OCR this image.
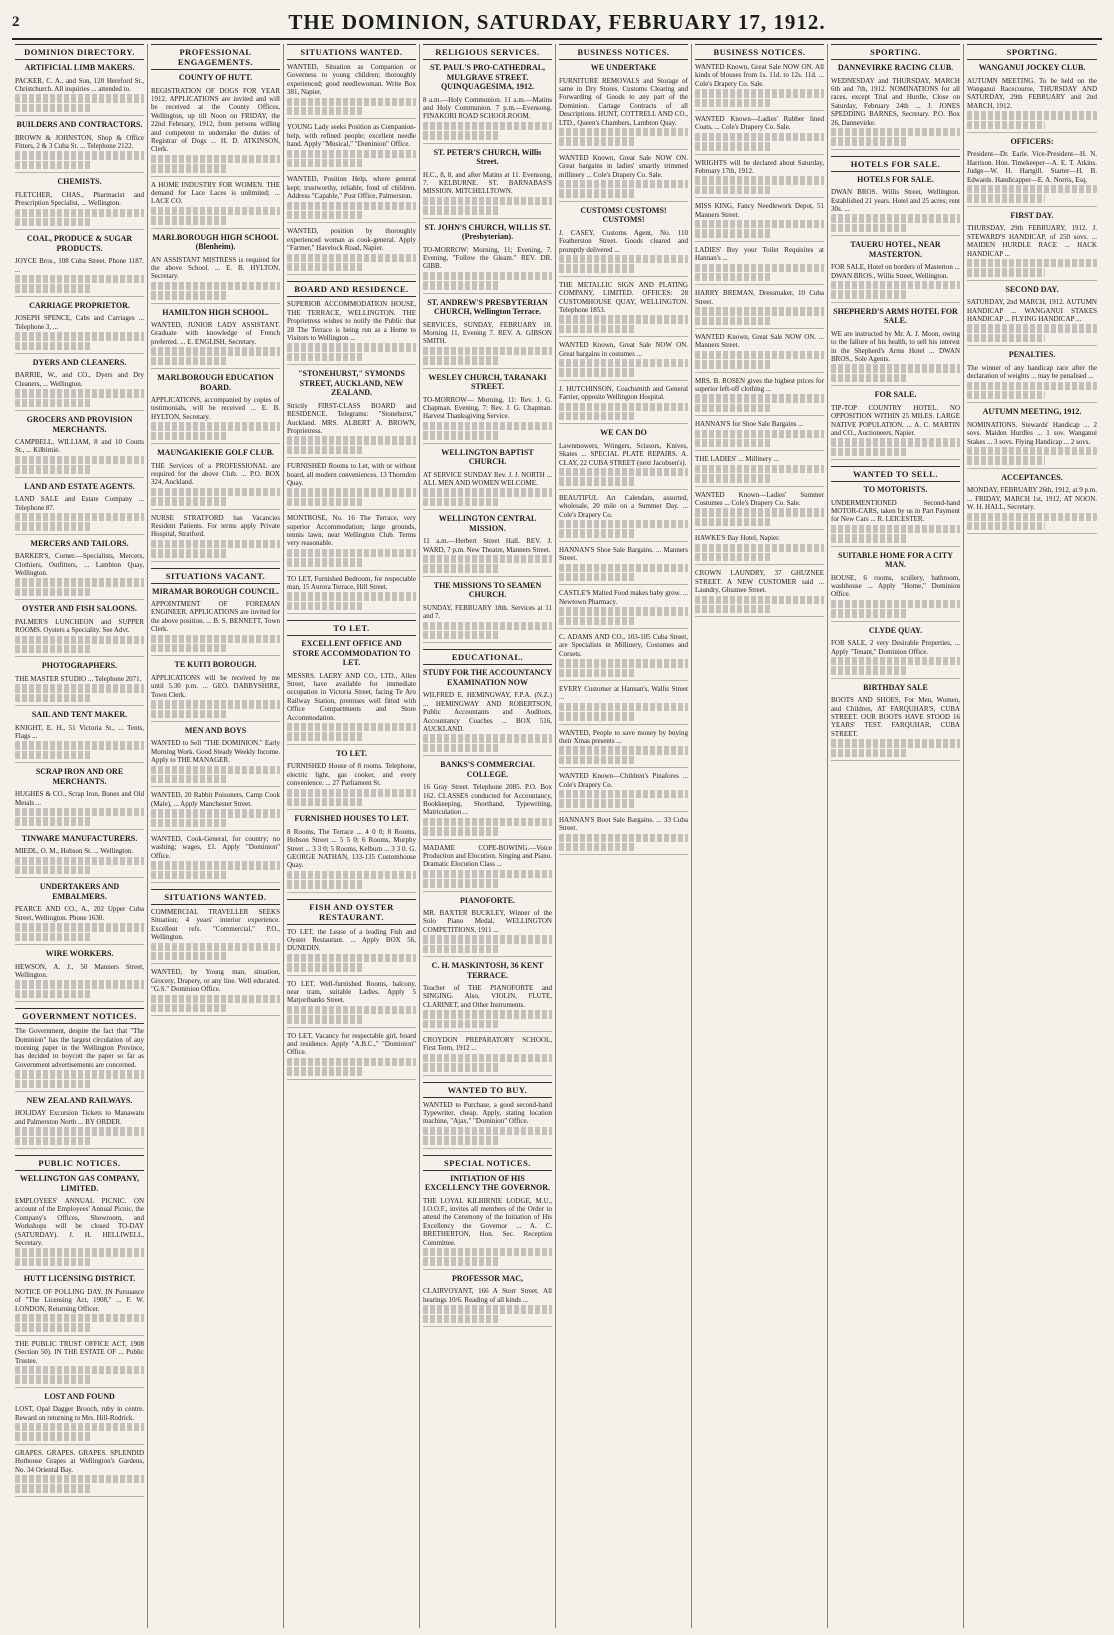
2	THE DOMINION, SATURDAY, FEBRUARY 17, 1912.
DOMINION DIRECTORY.
ARTIFICIAL LIMB MAKERS.
PACKER, C. A., and Son, 120 Hereford St., Christchurch. All inquiries ... attended to.
BUILDERS AND CONTRACTORS.
BROWN & JOHNSTON, Shop & Office Fitters, 2 & 3 Cuba St. ... Telephone 2122.
CHEMISTS.
FLETCHER, CHAS., Pharmacist and Prescription Specialist, ... Wellington.
COAL, PRODUCE & SUGAR PRODUCTS.
JOYCE Bros., 108 Cuba Street. Phone 1187. ...
CARRIAGE PROPRIETOR.
JOSEPH SPENCE, Cabs and Carriages ... Telephone 3, ...
DYERS AND CLEANERS.
BARRIE, W., and CO., Dyers and Dry Cleaners, ... Wellington.
GROCERS AND PROVISION MERCHANTS.
CAMPBELL, WILLIAM, 8 and 10 Coutts St., ... Kilbirnie.
LAND AND ESTATE AGENTS.
LAND SALE and Estate Company ... Telephone 87.
MERCERS AND TAILORS.
BARKER'S, Corner.—Specialists, Mercers, Clothiers, Outfitters, ... Lambton Quay, Wellington.
OYSTER AND FISH SALOONS.
PALMER'S LUNCHEON and SUPPER ROOMS. Oysters a Speciality. See Advt.
PHOTOGRAPHERS.
THE MASTER STUDIO ... Telephone 2071.
SAIL AND TENT MAKER.
KNIGHT, E. H., 51 Victoria St., ... Tents, Flags ...
SCRAP IRON AND ORE MERCHANTS.
HUGHES & CO., Scrap Iron, Bones and Old Metals ...
TINWARE MANUFACTURERS.
MIEDL, O. M., Hobson St. ... Wellington.
UNDERTAKERS AND EMBALMERS.
PEARCE AND CO., A., 202 Upper Cuba Street, Wellington. Phone 1630.
WIRE WORKERS.
HEWSON, A. J., 50 Manners Street, Wellington.
GOVERNMENT NOTICES.
The Government, despite the fact that "The Dominion" has the largest circulation of any morning paper in the Wellington Province, has decided to boycott the paper so far as Government advertisements are concerned.
NEW ZEALAND RAILWAYS.
HOLIDAY Excursion Tickets to Manawatu and Palmerston North ... BY ORDER.
PUBLIC NOTICES.
WELLINGTON GAS COMPANY, LIMITED.
EMPLOYEES' ANNUAL PICNIC. ON account of the Employees' Annual Picnic, the Company's Offices, Showroom, and Workshops will be closed TO-DAY (SATURDAY). J. H. HELLIWELL, Secretary.
HUTT LICENSING DISTRICT.
NOTICE OF POLLING DAY. IN Pursuance of "The Licensing Act, 1908," ... F. W. LONDON, Returning Officer.
THE PUBLIC TRUST OFFICE ACT, 1908 (Section 50). IN THE ESTATE OF ... Public Trustee.
LOST AND FOUND
LOST, Opal Dagger Brooch, ruby in centre. Reward on returning to Mrs. Hill-Rodrick.
GRAPES. GRAPES. GRAPES. SPLENDID Hothouse Grapes at Wellington's Gardens, No. 34 Oriental Bay.
PROFESSIONAL ENGAGEMENTS.
COUNTY OF HUTT.
REGISTRATION OF DOGS FOR YEAR 1912. APPLICATIONS are invited and will be received at the County Offices, Wellington, up till Noon on FRIDAY, the 22nd February, 1912, from persons willing and competent to undertake the duties of Registrar of Dogs ... H. D. ATKINSON, Clerk.
A HOME INDUSTRY FOR WOMEN. THE demand for Lace Laces is unlimited; ... LACE CO.
MARLBOROUGH HIGH SCHOOL (Blenheim).
AN ASSISTANT MISTRESS is required for the above School. ... E. B. HYLTON, Secretary.
HAMILTON HIGH SCHOOL.
WANTED, JUNIOR LADY ASSISTANT. Graduate with knowledge of French preferred. ... E. ENGLISH, Secretary.
MARLBOROUGH EDUCATION BOARD.
APPLICATIONS, accompanied by copies of testimonials, will be received ... E. B. HYLTON, Secretary.
MAUNGAKIEKIE GOLF CLUB.
THE Services of a PROFESSIONAL are required for the above Club. ... P.O. BOX 324, Auckland.
NURSE STRATFORD has Vacancies Resident Patients. For terms apply Private Hospital, Stratford.
SITUATIONS VACANT.
MIRAMAR BOROUGH COUNCIL.
APPOINTMENT OF FOREMAN ENGINEER. APPLICATIONS are invited for the above position. ... B. S. BENNETT, Town Clerk.
TE KUITI BOROUGH.
APPLICATIONS will be received by me until 5.30 p.m. ... GEO. DABBYSHIRE, Town Clerk.
MEN AND BOYS
WANTED to Sell "THE DOMINION." Early Morning Work. Good Steady Weekly Income. Apply to THE MANAGER.
WANTED, 20 Rabbit Poisoners, Camp Cook (Male), ... Apply Manchester Street.
WANTED, Cook-General, for country; no washing; wages, £1. Apply "Dominion" Office.
SITUATIONS WANTED.
COMMERCIAL TRAVELLER SEEKS Situation; 4 years' interior experience. Excellent refs. "Commercial," P.O., Wellington.
WANTED, by Young man, situation, Grocery, Drapery, or any line. Well educated. "G.S." Dominion Office.
SITUATIONS WANTED.
WANTED, Situation as Companion or Governess to young children; thoroughly experienced; good needlewoman. Write Box 381, Napier.
YOUNG Lady seeks Position as Companion-help, with refined people; excellent needle hand. Apply "Musical," "Dominion" Office.
WANTED, Position Help, where general kept; trustworthy, reliable, fond of children. Address "Capable," Post Office, Palmerston.
WANTED, position by thoroughly experienced woman as cook-general. Apply "Farmer," Havelock Road, Napier.
BOARD AND RESIDENCE.
SUPERIOR ACCOMMODATION HOUSE, THE TERRACE, WELLINGTON. THE Proprietress wishes to notify the Public that 28 The Terrace is being run as a Home to Visitors to Wellington ...
"STONEHURST," SYMONDS STREET, AUCKLAND, NEW ZEALAND.
Strictly FIRST-CLASS BOARD and RESIDENCE. Telegrams: "Stonehurst," Auckland. MRS. ALBERT A. BROWN, Proprietress.
FURNISHED Rooms to Let, with or without board, all modern conveniences. 13 Thorndon Quay.
MONTROSE, No. 16 The Terrace, very superior Accommodation; large grounds, tennis lawn, near Wellington Club. Terms very reasonable.
TO LET, Furnished Bedroom, for respectable man, 15 Aurora Terrace, Hill Street.
TO LET.
EXCELLENT OFFICE AND STORE ACCOMMODATION TO LET.
MESSRS. LAERY AND CO., LTD., Allen Street, have available for immediate occupation in Victoria Street, facing Te Aro Railway Station, premises well fitted with Office Compartments and Store Accommodation.
TO LET.
FURNISHED House of 8 rooms. Telephone, electric light, gas cooker, and every convenience. ... 27 Parliament St.
FURNISHED HOUSES TO LET.
8 Rooms, The Terrace ... 4 0 0; 8 Rooms, Hobson Street ... 5 5 0; 6 Rooms, Murphy Street ... 3 3 0; 5 Rooms, Kelburn ... 3 3 0. G. GEORGE NATHAN, 133-135 Customhouse Quay.
FISH AND OYSTER RESTAURANT.
TO LET, the Lease of a leading Fish and Oyster Restaurant. ... Apply BOX 56, DUNEDIN.
TO LET, Well-furnished Rooms, balcony, near tram, suitable Ladies. Apply 5 Marjoribanks Street.
TO LET, Vacancy for respectable girl, board and residence. Apply "A.B.C.," "Dominion" Office.
RELIGIOUS SERVICES.
ST. PAUL'S PRO-CATHEDRAL, MULGRAVE STREET. QUINQUAGESIMA, 1912.
8 a.m.—Holy Communion. 11 a.m.—Matins and Holy Communion. 7 p.m.—Evensong. FINAKORI ROAD SCHOOLROOM.
ST. PETER'S CHURCH, Willis Street.
H.C., 8, 8, and after Matins at 11. Evensong, 7. KELBURNE. ST. BARNABAS'S MISSION. MITCHELLTOWN.
ST. JOHN'S CHURCH, WILLIS ST. (Presbyterian).
TO-MORROW: Morning, 11; Evening, 7. Evening, "Follow the Gleam." REV. DR. GIBB.
ST. ANDREW'S PRESBYTERIAN CHURCH, Wellington Terrace.
SERVICES, SUNDAY, FEBRUARY 18. Morning 11, Evening 7. REV. A. GIBSON SMITH.
WESLEY CHURCH, TARANAKI STREET.
TO-MORROW— Morning, 11: Rev. J. G. Chapman. Evening, 7: Rev. J. G. Chapman. Harvest Thanksgiving Service.
WELLINGTON BAPTIST CHURCH.
AT SERVICE SUNDAY Rev. J. J. NORTH ... ALL MEN AND WOMEN WELCOME.
WELLINGTON CENTRAL MISSION.
11 a.m.—Herbert Street Hall. REV. J. WARD, 7 p.m. New Theatre, Manners Street.
THE MISSIONS TO SEAMEN CHURCH.
SUNDAY, FEBRUARY 18th. Services at 11 and 7.
EDUCATIONAL.
STUDY FOR THE ACCOUNTANCY EXAMINATION NOW
WILFRED E. HEMINGWAY, F.P.A. (N.Z.) ... HEMINGWAY AND ROBERTSON, Public Accountants and Auditors, Accountancy Coaches ... BOX 516, AUCKLAND.
BANKS'S COMMERCIAL COLLEGE.
16 Gray Street. Telephone 2085. P.O. Box 162. CLASSES conducted for Accountancy, Bookkeeping, Shorthand, Typewriting, Matriculation ...
MADAME COPE-BOWING.—Voice Production and Elocution. Singing and Piano. Dramatic Elocution Class ...
PIANOFORTE.
MR. BAXTER BUCKLEY, Winner of the Solo Piano Medal, WELLINGTON COMPETITIONS, 1911 ...
C. H. MASKINTOSH, 36 KENT TERRACE.
Teacher of THE PIANOFORTE and SINGING. Also, VIOLIN, FLUTE, CLARINET, and Other Instruments.
CROYDON PREPARATORY SCHOOL, First Term, 1912 ...
WANTED TO BUY.
WANTED to Purchase, a good second-hand Typewriter, cheap. Apply, stating location machine, "Ajax," "Dominion" Office.
SPECIAL NOTICES.
INITIATION OF HIS EXCELLENCY THE GOVERNOR.
THE LOYAL KILBIRNIE LODGE, M.U., I.O.O.F., invites all members of the Order to attend the Ceremony of the Initiation of His Excellency the Governor ... A. C. BRETHERTON, Hon. Sec. Reception Committee.
PROFESSOR MAC,
CLAIRVOYANT, 166 A Storr Street. All hearings 10/6. Reading of all kinds ...
BUSINESS NOTICES.
WE UNDERTAKE
FURNITURE REMOVALS and Storage of same in Dry Stores. Customs Clearing and Forwarding of Goods to any part of the Dominion. Cartage Contracts of all Descriptions. HUNT, COTTRELL AND CO., LTD., Queen's Chambers, Lambton Quay.
WANTED Known, Great Sale NOW ON. Great bargains in ladies' smartly trimmed millinery ... Cole's Drapery Co. Sale.
CUSTOMS! CUSTOMS! CUSTOMS!
J. CASEY, Customs Agent, No. 110 Featherston Street. Goods cleared and promptly delivered ...
THE METALLIC SIGN AND PLATING COMPANY, LIMITED. OFFICES: 28 CUSTOMHOUSE QUAY, WELLINGTON. Telephone 1853.
WANTED Known, Great Sale NOW ON. Great bargains in costumes ...
J. HUTCHINSON, Coachsmith and General Farrier, opposite Wellington Hospital.
WE CAN DO
Lawnmowers, Wringers, Scissors, Knives, Skates ... SPECIAL PLATE REPAIRS. A. CLAY, 22 CUBA STREET (next Jacobsen's).
BEAUTIFUL Art Calendars, assorted, wholesale, 20 mile on a Summer Day. ... Cole's Drapery Co.
HANNAN'S Shoe Sale Bargains. ... Manners Street.
CASTLE'S Malted Food makes baby grow. ... Newtown Pharmacy.
C. ADAMS AND CO., 103-105 Cuba Street, are Specialists in Millinery, Costumes and Corsets.
EVERY Customer at Hannan's, Wallis Street ...
WANTED, People to save money by buying their Xmas presents ...
WANTED Known—Children's Pinafores ... Cole's Drapery Co.
HANNAN'S Boot Sale Bargains. ... 33 Cuba Street.
BUSINESS NOTICES.
WANTED Known, Great Sale NOW ON. All kinds of blouses from 1s. 11d. to 12s. 11d. ... Cole's Drapery Co. Sale.
WANTED Known—Ladies' Rubber lined Coats, ... Cole's Drapery Co. Sale.
WRIGHTS will be declared about Saturday, February 17th, 1912.
MISS KING, Fancy Needlework Depot, 51 Manners Street.
LADIES' Buy your Toilet Requisites at Hannan's ...
HARRY BREMAN, Dressmaker, 10 Cuba Street.
WANTED Known, Great Sale NOW ON. ... Manners Street.
MRS. B. ROSEN gives the highest prices for superior left-off clothing ...
HANNAN'S for Shoe Sale Bargains ...
THE LADIES' ... Millinery ...
WANTED Known—Ladies' Summer Costumes ... Cole's Drapery Co. Sale.
HAWKE'S Bay Hotel, Napier.
CROWN LAUNDRY, 37 GHUZNEE STREET. A NEW CUSTOMER said ... Laundry, Ghuznee Street.
SPORTING.
DANNEVIRKE RACING CLUB.
WEDNESDAY and THURSDAY, MARCH 6th and 7th, 1912. NOMINATIONS for all races, except Trial and Hurdle, Close on Saturday, February 24th ... J. JONES SPEDDING BARNES, Secretary. P.O. Box 26, Dannevirke.
HOTELS FOR SALE.
HOTELS FOR SALE.
DWAN BROS. Willis Street, Wellington. Established 21 years. Hotel and 25 acres; rent 30s. ...
TAUERU HOTEL, NEAR MASTERTON.
FOR SALE, Hotel on borders of Masterton ... DWAN BROS., Willis Street, Wellington.
SHEPHERD'S ARMS HOTEL FOR SALE.
WE are instructed by Mr. A. J. Moon, owing to the failure of his health, to sell his interest in the Shepherd's Arms Hotel ... DWAN BROS., Sole Agents.
FOR SALE.
TIP-TOP COUNTRY HOTEL. NO OPPOSITION WITHIN 25 MILES. LARGE NATIVE POPULATION. ... A. C. MARTIN and CO., Auctioneers, Napier.
WANTED TO SELL.
TO MOTORISTS.
UNDERMENTIONED Second-hand MOTOR-CARS, taken by us in Part Payment for New Cars ... R. LEICESTER.
SUITABLE HOME FOR A CITY MAN.
HOUSE, 6 rooms, scullery, bathroom, washhouse ... Apply "Home," Dominion Office.
CLYDE QUAY.
FOR SALE, 2 very Desirable Properties, ... Apply "Tenant," Dominion Office.
BIRTHDAY SALE
BOOTS AND SHOES, For Men, Women, and Children, AT FARQUHAR'S, CUBA STREET. OUR BOOTS HAVE STOOD 16 YEARS' TEST. FARQUHAR, CUBA STREET.
SPORTING.
WANGANUI JOCKEY CLUB.
AUTUMN MEETING. To be held on the Wanganui Racecourse, THURSDAY AND SATURDAY, 29th FEBRUARY and 2nd MARCH, 1912.
OFFICERS:
President—Dr. Earle. Vice-President—H. N. Harrison. Hon. Timekeeper—A. E. T. Atkins. Judge—W. H. Hartgill. Starter—H. B. Edwards. Handicapper—E. A. Norris, Esq.
FIRST DAY.
THURSDAY, 29th FEBRUARY, 1912. J. STEWARD'S HANDICAP, of 250 sovs. ... MAIDEN HURDLE RACE ... HACK HANDICAP ...
SECOND DAY.
SATURDAY, 2nd MARCH, 1912. AUTUMN HANDICAP ... WANGANUI STAKES HANDICAP ... FLYING HANDICAP ...
PENALTIES.
The winner of any handicap race after the declaration of weights ... may be penalised ...
AUTUMN MEETING, 1912.
NOMINATIONS. Stewards' Handicap ... 2 sovs. Maiden Hurdles ... 1 sov. Wanganui Stakes ... 3 sovs. Flying Handicap ... 2 sovs.
ACCEPTANCES.
MONDAY, FEBRUARY 26th, 1912, at 9 p.m. ... FRIDAY, MARCH 1st, 1912, AT NOON. W. H. HALL, Secretary.
